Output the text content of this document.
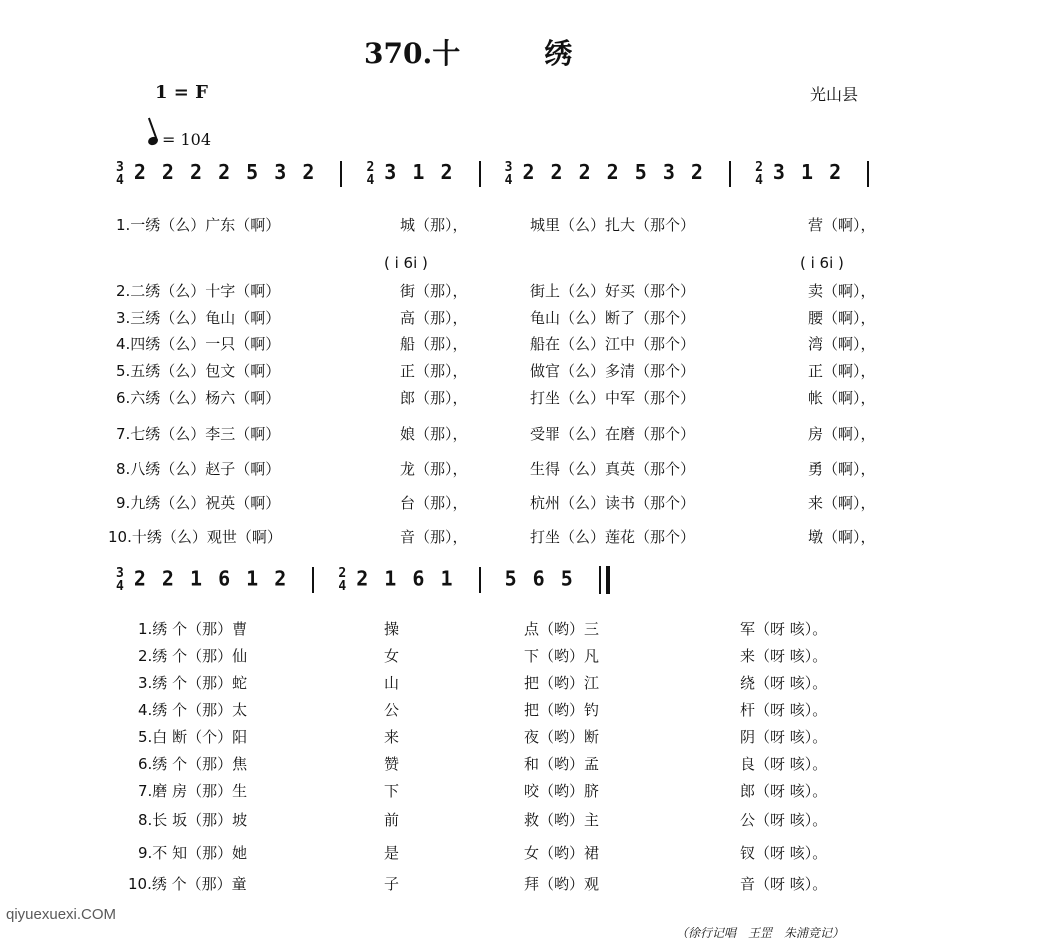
370.十　　　绣
1 = F
= 104
光山县
3
4 2 2 2 2 5 3 2	2
4 3 1 2	3
4 2 2 2 2 5 3 2	2
4 3 1 2
( i 6i )	( i 6i )
1.一绣（么）广东（啊）	城（那），	城里（么）扎大（那个）	营（啊），
2.二绣（么）十字（啊）	街（那），	街上（么）好买（那个）	卖（啊），
3.三绣（么）龟山（啊）	高（那），	龟山（么）断了（那个）	腰（啊），
4.四绣（么）一只（啊）	船（那），	船在（么）江中（那个）	湾（啊），
5.五绣（么）包文（啊）	正（那），	做官（么）多清（那个）	正（啊），
6.六绣（么）杨六（啊）	郎（那），	打坐（么）中军（那个）	帐（啊），
7.七绣（么）李三（啊）	娘（那），	受罪（么）在磨（那个）	房（啊），
8.八绣（么）赵子（啊）	龙（那），	生得（么）真英（那个）	勇（啊），
9.九绣（么）祝英（啊）	台（那），	杭州（么）读书（那个）	来（啊），
10.十绣（么）观世（啊）	音（那），	打坐（么）莲花（那个）	墩（啊），
3
4 2 2 1 6 1 2	2
4 2 1 6 1	5 6 5
1.绣 个（那）曹	操	点（哟）三	军（呀 咳）。
2.绣 个（那）仙	女	下（哟）凡	来（呀 咳）。
3.绣 个（那）蛇	山	把（哟）江	绕（呀 咳）。
4.绣 个（那）太	公	把（哟）钓	杆（呀 咳）。
5.白 断（个）阳	来	夜（哟）断	阴（呀 咳）。
6.绣 个（那）焦	赞	和（哟）孟	良（呀 咳）。
7.磨 房（那）生	下	咬（哟）脐	郎（呀 咳）。
8.长 坂（那）坡	前	救（哟）主	公（呀 咳）。
9.不 知（那）她	是	女（哟）裙	钗（呀 咳）。
10.绣 个（那）童	子	拜（哟）观	音（呀 咳）。
qiyuexuexi.COM
（徐行记唱　王罡　朱浦竞记）
